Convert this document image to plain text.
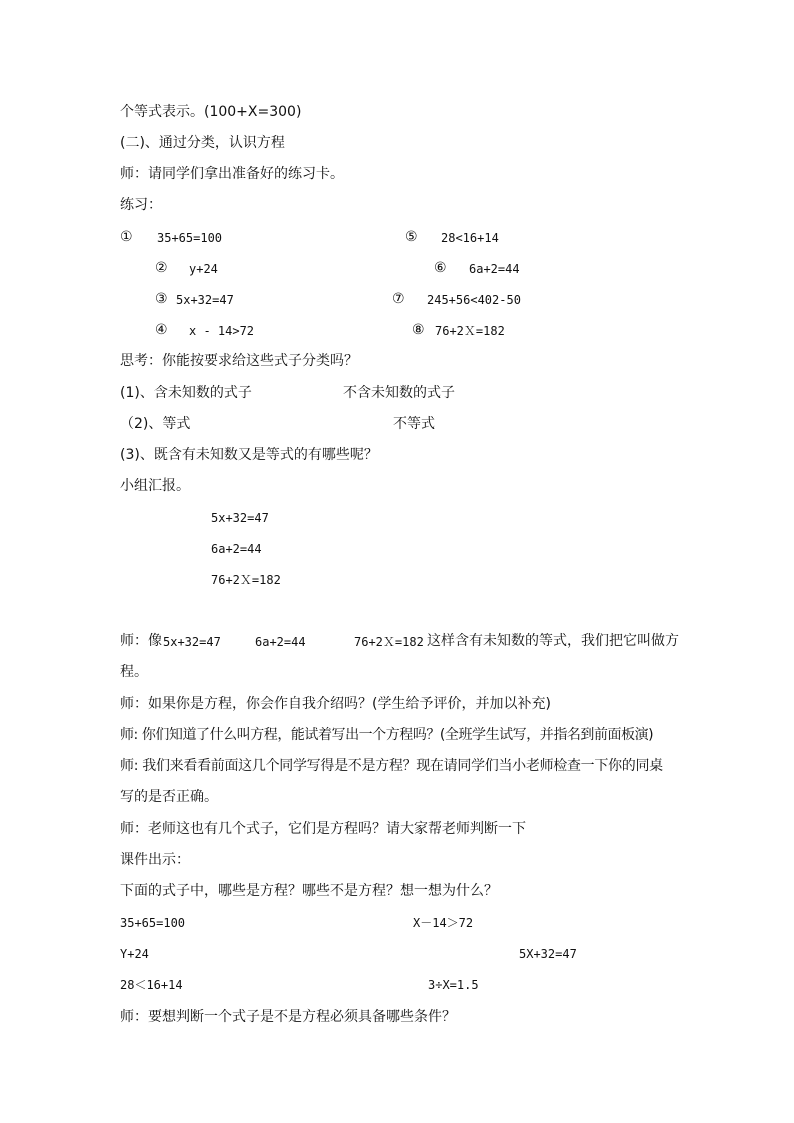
个等式表示。(100+X=300)
(二)、通过分类，认识方程
师：请同学们拿出准备好的练习卡。
练习：
① 35+65=100	⑤ 28<16+14
② y+24	⑥ 6a+2=44
③ 5x+32=47	⑦ 245+56<402-50
④ x - 14>72	⑧ 76+2Ｘ=182
思考：你能按要求给这些式子分类吗？
(1)、含未知数的式子	不含未知数的式子
（2)、等式	不等式
(3)、既含有未知数又是等式的有哪些呢？
小组汇报。
5x+32=47
6a+2=44
76+2Ｘ=182
师：像 5x+32=47	6a+2=44	76+2Ｘ=182 这样含有未知数的等式，我们把它叫做方
程。
师：如果你是方程，你会作自我介绍吗？(学生给予评价，并加以补充)
师: 你们知道了什么叫方程，能试着写出一个方程吗？(全班学生试写，并指名到前面板演)
师: 我们来看看前面这几个同学写得是不是方程？现在请同学们当小老师检查一下你的同桌
写的是否正确。
师：老师这也有几个式子，它们是方程吗？请大家帮老师判断一下
课件出示：
下面的式子中，哪些是方程？哪些不是方程？想一想为什么？
35+65=100	X－14＞72
Y+24	5X+32=47
28＜16+14	3÷X=1.5
师：要想判断一个式子是不是方程必须具备哪些条件？
